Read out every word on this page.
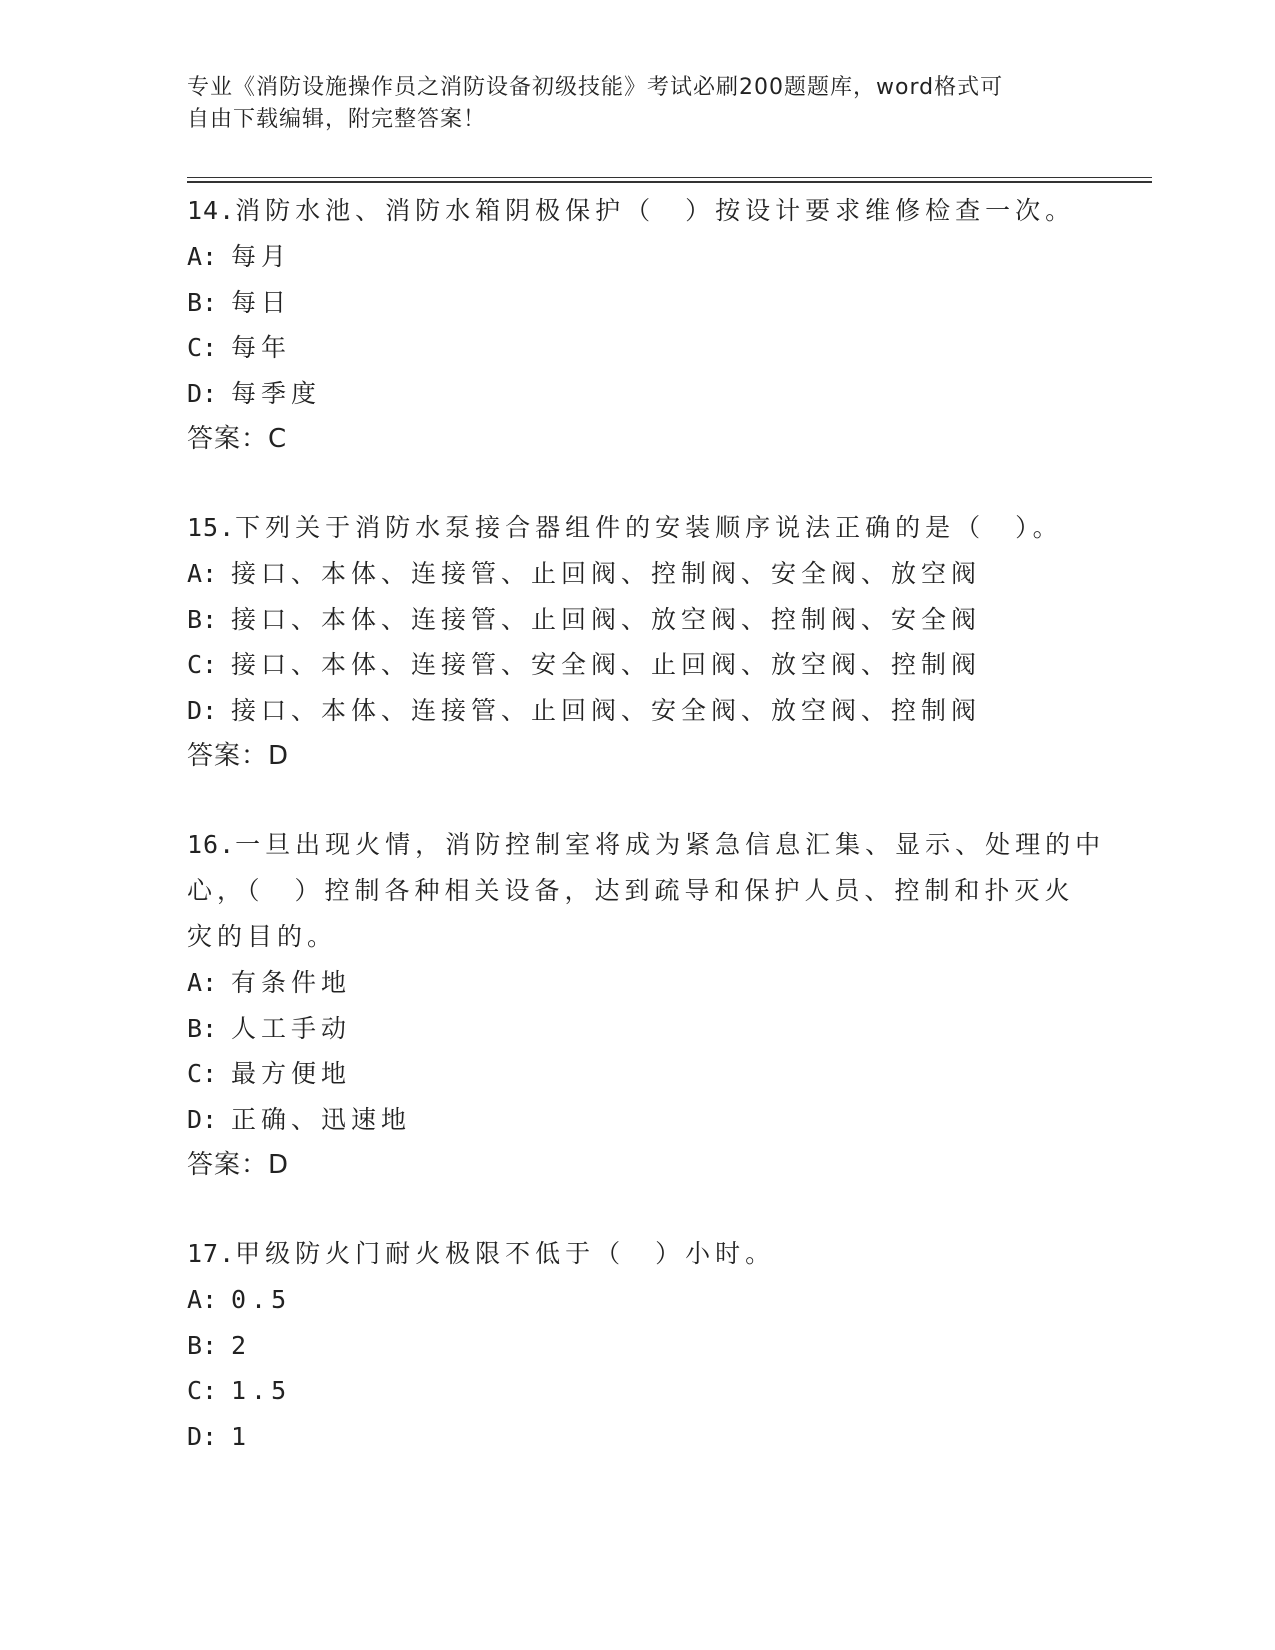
专业《消防设施操作员之消防设备初级技能》考试必刷200题题库，word格式可
自由下载编辑，附完整答案！
14.消防水池、消防水箱阴极保护（　）按设计要求维修检查一次。
A: 每月
B: 每日
C: 每年
D: 每季度
答案：C
15.下列关于消防水泵接合器组件的安装顺序说法正确的是（　）。
A: 接口、本体、连接管、止回阀、控制阀、安全阀、放空阀
B: 接口、本体、连接管、止回阀、放空阀、控制阀、安全阀
C: 接口、本体、连接管、安全阀、止回阀、放空阀、控制阀
D: 接口、本体、连接管、止回阀、安全阀、放空阀、控制阀
答案：D
16.一旦出现火情，消防控制室将成为紧急信息汇集、显示、处理的中
心，（　）控制各种相关设备，达到疏导和保护人员、控制和扑灭火
灾的目的。
A: 有条件地
B: 人工手动
C: 最方便地
D: 正确、迅速地
答案：D
17.甲级防火门耐火极限不低于（　）小时。
A: 0.5
B: 2
C: 1.5
D: 1
